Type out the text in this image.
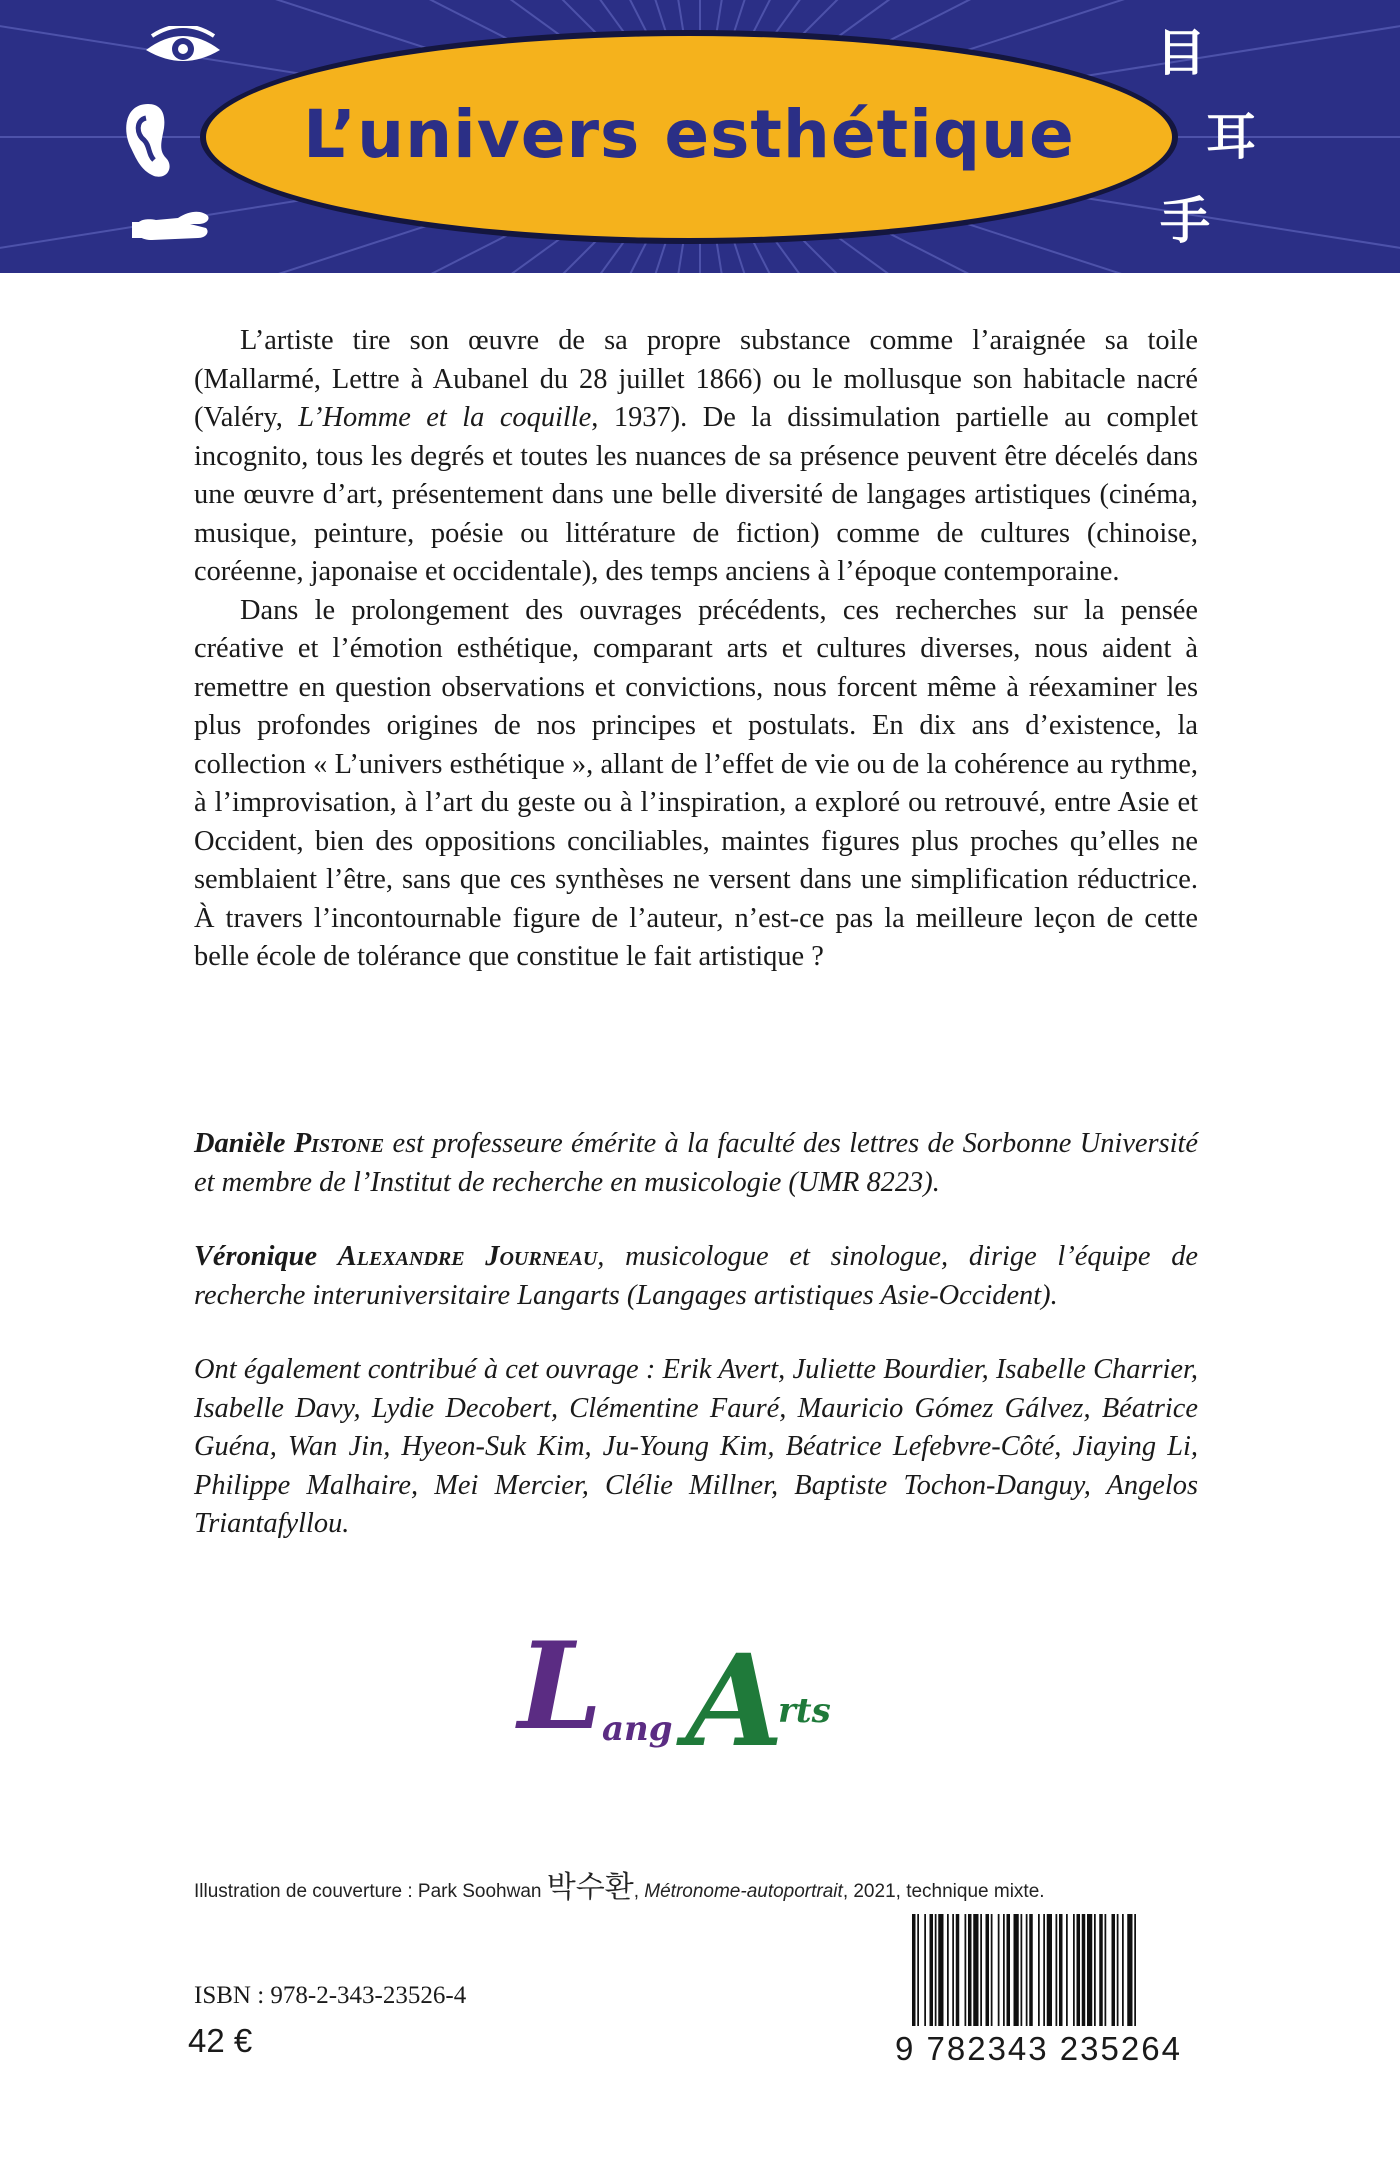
L’univers esthétique
目
耳
手

L’artiste tire son œuvre de sa propre substance comme l’araignée sa toile (Mallarmé, Lettre à Aubanel du 28 juillet 1866) ou le mollusque son habitacle nacré (Valéry, L’Homme et la coquille, 1937). De la dissimulation partielle au complet incognito, tous les degrés et toutes les nuances de sa présence peuvent être décelés dans une œuvre d’art, présentement dans une belle diversité de langages artistiques (cinéma, musique, peinture, poésie ou littérature de fiction) comme de cultures (chinoise, coréenne, japonaise et occidentale), des temps anciens à l’époque contemporaine.

Dans le prolongement des ouvrages précédents, ces recherches sur la pensée créative et l’émotion esthétique, comparant arts et cultures diverses, nous aident à remettre en question observations et convictions, nous forcent même à réexaminer les plus profondes origines de nos principes et postulats. En dix ans d’existence, la collection « L’univers esthétique », allant de l’effet de vie ou de la cohérence au rythme, à l’improvisation, à l’art du geste ou à l’inspiration, a exploré ou retrouvé, entre Asie et Occident, bien des oppositions conciliables, maintes figures plus proches qu’elles ne semblaient l’être, sans que ces synthèses ne versent dans une simplification réductrice. À travers l’incontournable figure de l’auteur, n’est-ce pas la meilleure leçon de cette belle école de tolérance que constitue le fait artistique ?

Danièle Pistone est professeure émérite à la faculté des lettres de Sorbonne Université et membre de l’Institut de recherche en musicologie (UMR 8223).

Véronique Alexandre Journeau, musicologue et sinologue, dirige l’équipe de recherche interuniversitaire Langarts (Langages artistiques Asie-Occident).

Ont également contribué à cet ouvrage : Erik Avert, Juliette Bourdier, Isabelle Charrier, Isabelle Davy, Lydie Decobert, Clémentine Fauré, Mauricio Gómez Gálvez, Béatrice Guéna, Wan Jin, Hyeon-Suk Kim, Ju-Young Kim, Béatrice Lefebvre-Côté, Jiaying Li, Philippe Malhaire, Mei Mercier, Clélie Millner, Baptiste Tochon-Danguy, Angelos Triantafyllou.

L ang A
rts
Illustration de couverture : Park Soohwan 박수환, Métronome-autoportrait, 2021, technique mixte.
ISBN : 978-2-343-23526-4
42 €	9 782343 235264
